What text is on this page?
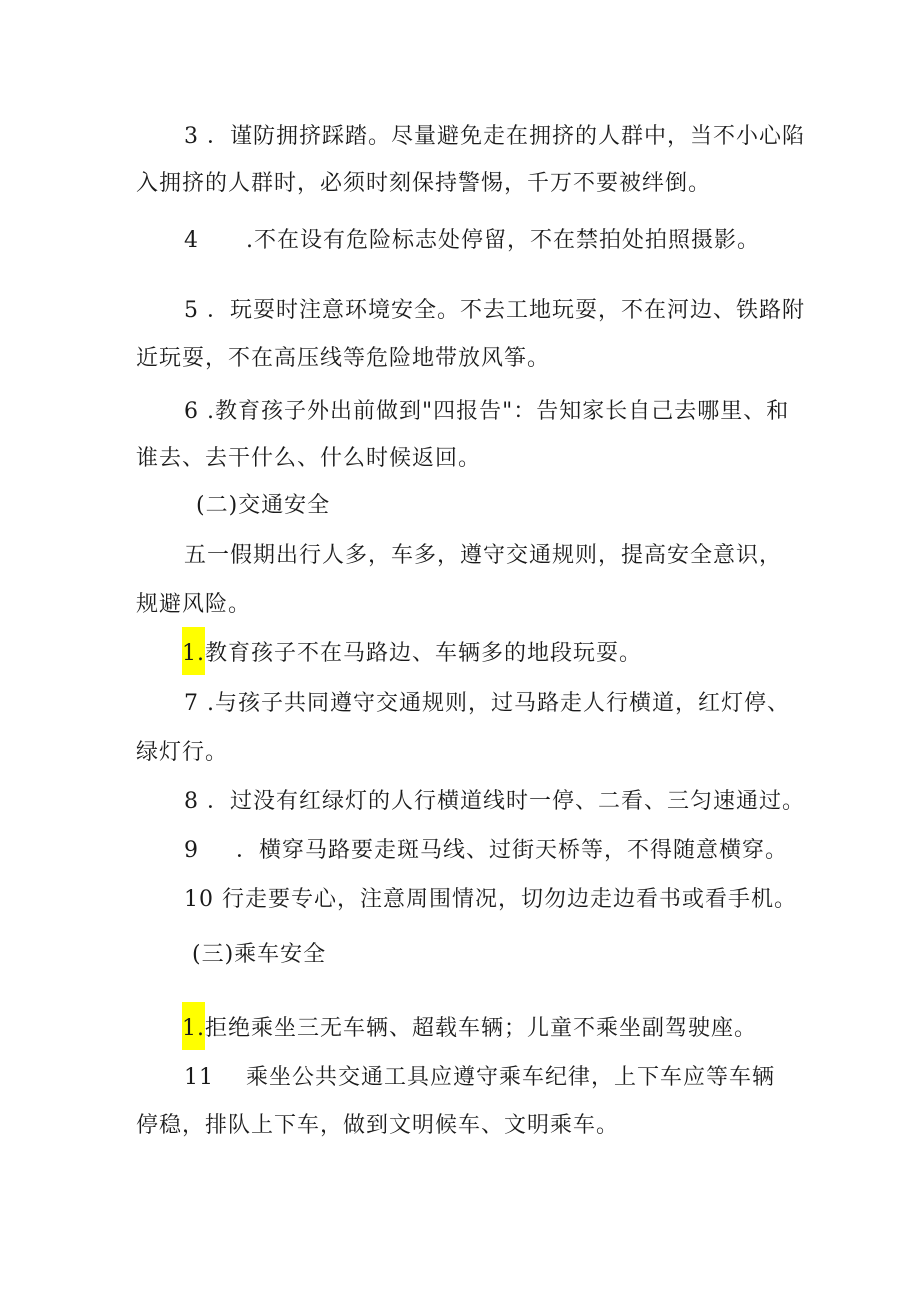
3 ．谨防拥挤踩踏。尽量避免走在拥挤的人群中，当不小心陷
入拥挤的人群时，必须时刻保持警惕，千万不要被绊倒。
4 .不在设有危险标志处停留，不在禁拍处拍照摄影。
5 ．玩耍时注意环境安全。不去工地玩耍，不在河边、铁路附
近玩耍，不在高压线等危险地带放风筝。
6 .教育孩子外出前做到"四报告"：告知家长自己去哪里、和
谁去、去干什么、什么时候返回。
(二)交通安全
五一假期出行人多，车多，遵守交通规则，提高安全意识，
规避风险。
1.教育孩子不在马路边、车辆多的地段玩耍。
7 .与孩子共同遵守交通规则，过马路走人行横道，红灯停、
绿灯行。
8 ．过没有红绿灯的人行横道线时一停、二看、三匀速通过。
9 ．横穿马路要走斑马线、过街天桥等，不得随意横穿。
10 行走要专心，注意周围情况，切勿边走边看书或看手机。
(三)乘车安全
1.拒绝乘坐三无车辆、超载车辆；儿童不乘坐副驾驶座。
11 乘坐公共交通工具应遵守乘车纪律，上下车应等车辆
停稳，排队上下车，做到文明候车、文明乘车。
